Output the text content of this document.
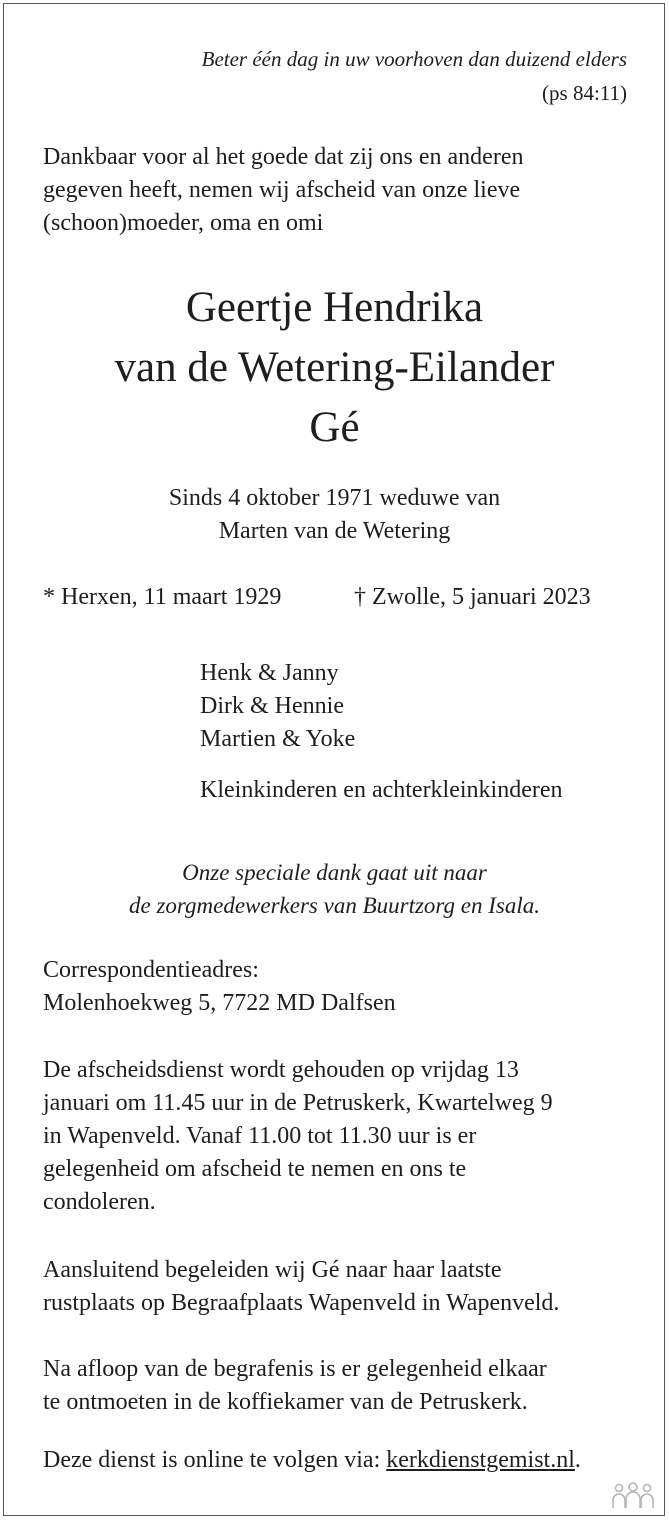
Beter één dag in uw voorhoven dan duizend elders
(ps 84:11)
Dankbaar voor al het goede dat zij ons en anderen
gegeven heeft, nemen wij afscheid van onze lieve
(schoon)moeder, oma en omi
Geertje Hendrika
van de Wetering-Eilander
Gé
Sinds 4 oktober 1971 weduwe van
Marten van de Wetering
* Herxen, 11 maart 1929	† Zwolle, 5 januari 2023
Henk & Janny
Dirk & Hennie
Martien & Yoke
Kleinkinderen en achterkleinkinderen
Onze speciale dank gaat uit naar
de zorgmedewerkers van Buurtzorg en Isala.
Correspondentieadres:
Molenhoekweg 5, 7722 MD Dalfsen
De afscheidsdienst wordt gehouden op vrijdag 13
januari om 11.45 uur in de Petruskerk, Kwartelweg 9
in Wapenveld. Vanaf 11.00 tot 11.30 uur is er
gelegenheid om afscheid te nemen en ons te
condoleren.
Aansluitend begeleiden wij Gé naar haar laatste
rustplaats op Begraafplaats Wapenveld in Wapenveld.
Na afloop van de begrafenis is er gelegenheid elkaar
te ontmoeten in de koffiekamer van de Petruskerk.
Deze dienst is online te volgen via: kerkdienstgemist.nl.
